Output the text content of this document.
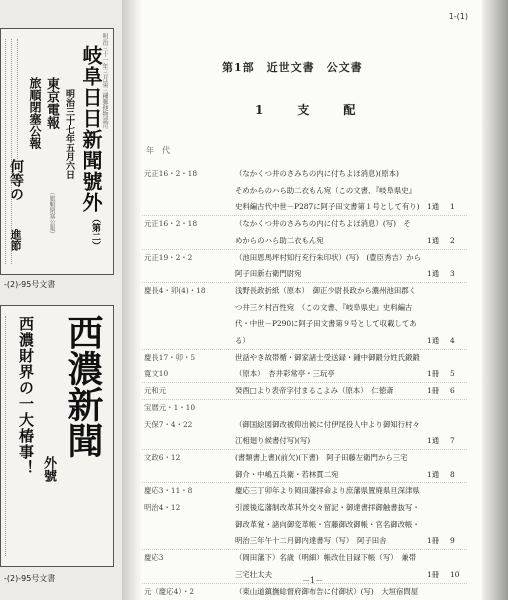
明治三十一年三月第三種郵便物認可
岐阜日日新聞號外
（第二）
明治三十七年五月六日
東京電報
旅順閉塞公報
何等の
進節
（旅順閉塞公報）
-(2)-95号文書
西濃新聞
外號
西濃財界の一大椿事！
-(2)-95号文書
1-(1)
第1部　近世文書　公文書
1　支　配
年　代
元正16・2・18	（なかくつ井のさみちの内に付ちよほ消息)(原本)
そめからのハら助二衣もん宛（この文書、『岐阜県史』
史料編古代中世－P287に阿子田文書第１号として有り)	1通 1
元正16・2・18	（なかくつ井のさみちの内に付ちよほ消息）(写)　そ
めからのハら助二衣もん宛	1通 2
元正19・2・2	（池田恩馬坪村知行充行朱印状）(写)　(豊臣秀吉）から
阿子田新右衛門尉宛	1通 3
慶長4・卯(4)・18	浅野長政折紙（原本）　御正少尉長政から濃州池田郡く
つ井三ケ村百性宛　（この文書、『岐阜県史』史料編古
代・中世－P290に阿子田文書第９号として収載してあ
る）	1通 4
慶長17・卯・5	世話やき故帯楯・御家諸士受送録・鍾中御鍛分姓氏鍛鍛
寛文10	（原本）　杏井彩常亭・三玩亭	1冊 5
元和元	癸酉□より表帝字付まるこよみ（原本）　仁徳斎	1冊 6
宝暦元・1・10
天保7・4・22	（御国絵図御改被仰出候に付伊尾役人中より御知行村々
江相廻り候書付写)(写)	1通 7
文政6・12	(書類書上書)(前欠)(下書)　阿子田藤左衛門から三宅
御介・中嶋五兵衛・若林貫二宛	1通 8
慶応3・11・8	慶応三丁卯年より岡田藩拝命より庶藩県置廃県旦深津県
明治4・12	引渡後迄藩制改革其外交々留記・御達書拝御触書抜写・
御改革覚・諸向御変革帳・官藤御改御帳・官名御改帳・
明治三年午十二月御内達書写（写）　阿子田舎	1冊 9
慶応3	（岡田藩下）名歳（明細）帳改仕目録下帳（写）　兼帯
三宅壮太夫	1冊 10
元（慶応4）・2	（東山道鎮撫総督府御布告に付御状）(写)　大垣宿問屋
－1－
